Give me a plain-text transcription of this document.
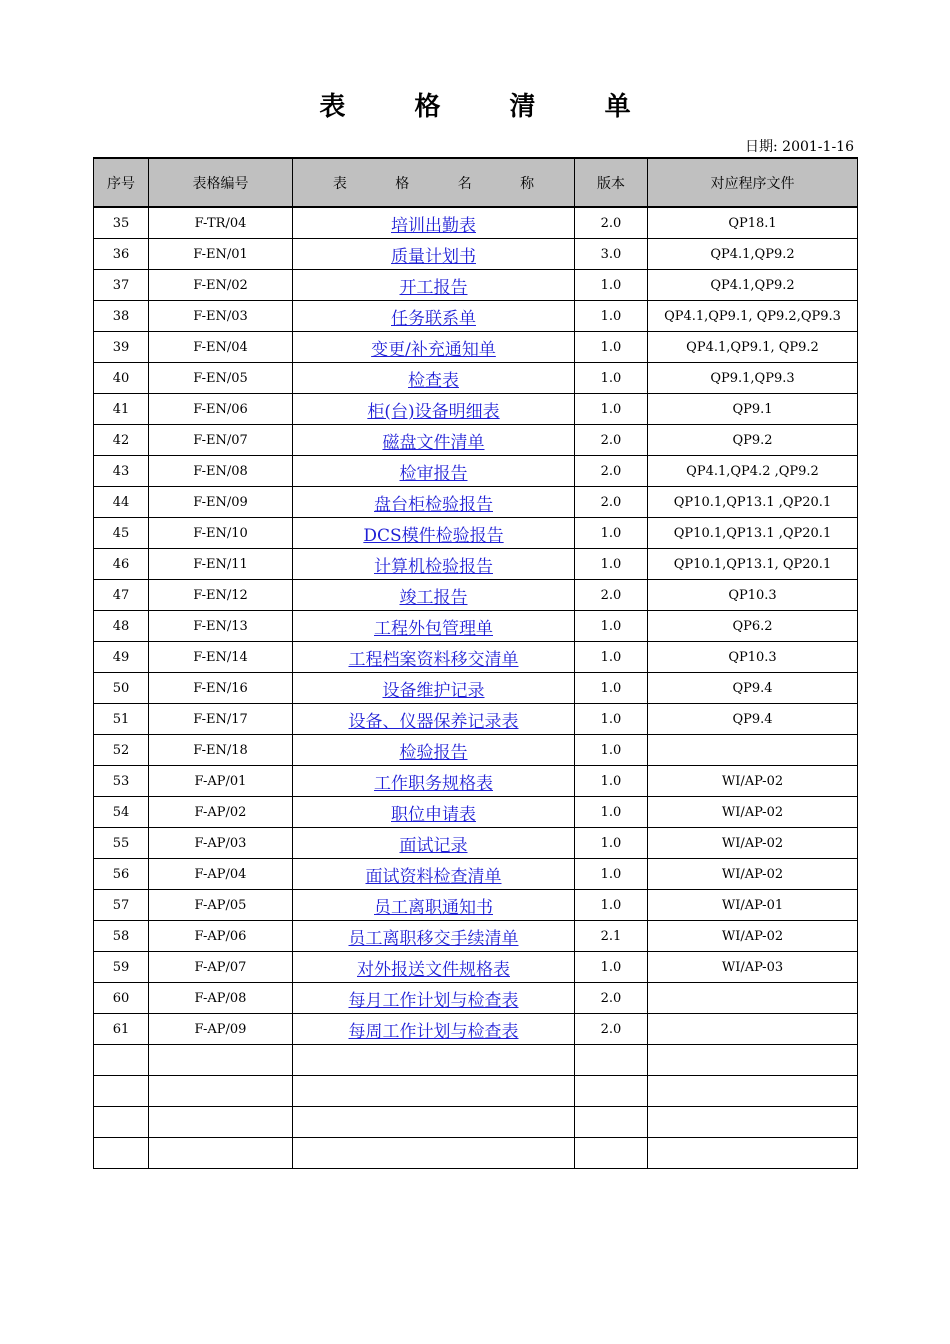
表 格 清 单
日期: 2001-1-16
序号	表格编号	表 格 名 称	版本	对应程序文件
35	F-TR/04	培训出勤表	2.0	QP18.1
36	F-EN/01	质量计划书	3.0	QP4.1,QP9.2
37	F-EN/02	开工报告	1.0	QP4.1,QP9.2
38	F-EN/03	任务联系单	1.0	QP4.1,QP9.1, QP9.2,QP9.3
39	F-EN/04	变更/补充通知单	1.0	QP4.1,QP9.1, QP9.2
40	F-EN/05	检查表	1.0	QP9.1,QP9.3
41	F-EN/06	柜(台)设备明细表	1.0	QP9.1
42	F-EN/07	磁盘文件清单	2.0	QP9.2
43	F-EN/08	检审报告	2.0	QP4.1,QP4.2 ,QP9.2
44	F-EN/09	盘台柜检验报告	2.0	QP10.1,QP13.1 ,QP20.1
45	F-EN/10	DCS模件检验报告	1.0	QP10.1,QP13.1 ,QP20.1
46	F-EN/11	计算机检验报告	1.0	QP10.1,QP13.1, QP20.1
47	F-EN/12	竣工报告	2.0	QP10.3
48	F-EN/13	工程外包管理单	1.0	QP6.2
49	F-EN/14	工程档案资料移交清单	1.0	QP10.3
50	F-EN/16	设备维护记录	1.0	QP9.4
51	F-EN/17	设备、仪器保养记录表	1.0	QP9.4
52	F-EN/18	检验报告	1.0	
53	F-AP/01	工作职务规格表	1.0	WI/AP-02
54	F-AP/02	职位申请表	1.0	WI/AP-02
55	F-AP/03	面试记录	1.0	WI/AP-02
56	F-AP/04	面试资料检查清单	1.0	WI/AP-02
57	F-AP/05	员工离职通知书	1.0	WI/AP-01
58	F-AP/06	员工离职移交手续清单	2.1	WI/AP-02
59	F-AP/07	对外报送文件规格表	1.0	WI/AP-03
60	F-AP/08	每月工作计划与检查表	2.0	
61	F-AP/09	每周工作计划与检查表	2.0	
